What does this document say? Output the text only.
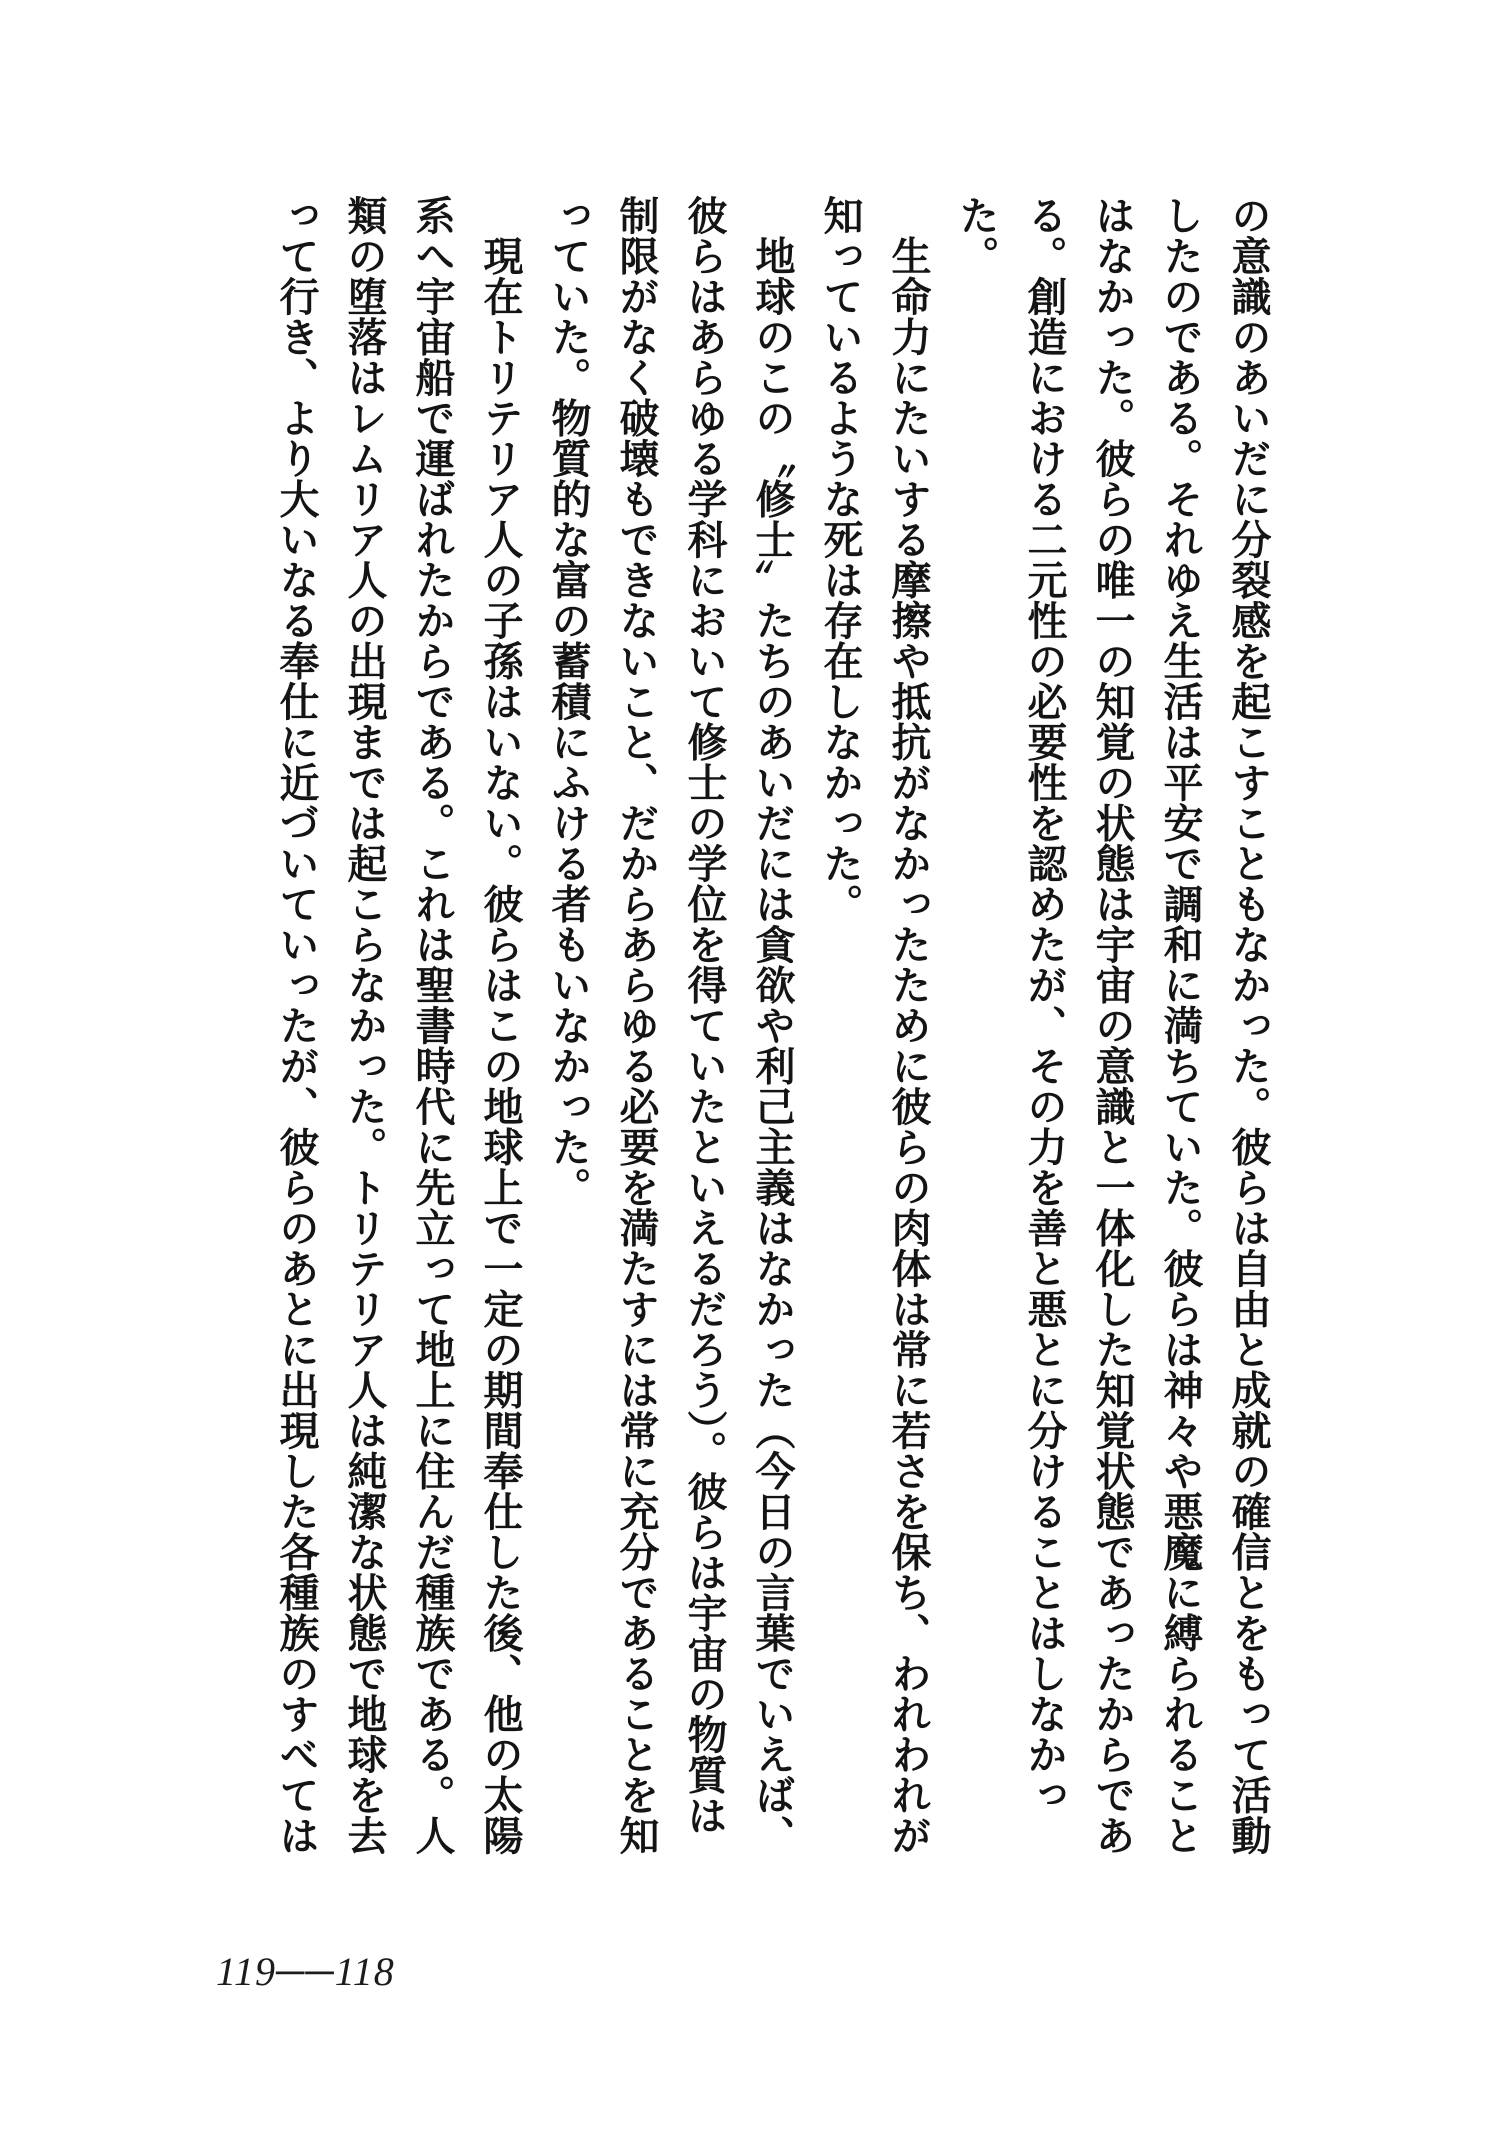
の意識のあいだに分裂感を起こすこともなかった。彼らは自由と成就の確信とをもって活動
したのである。それゆえ生活は平安で調和に満ちていた。彼らは神々や悪魔に縛られること
はなかった。彼らの唯一の知覚の状態は宇宙の意識と一体化した知覚状態であったからであ
る。創造における二元性の必要性を認めたが、その力を善と悪とに分けることはしなかっ
た。
　生命力にたいする摩擦や抵抗がなかったために彼らの肉体は常に若さを保ち、われわれが
知っているような死は存在しなかった。
　地球のこの〝修士〟たちのあいだには貪欲や利己主義はなかった（今日の言葉でいえば、
彼らはあらゆる学科において修士の学位を得ていたといえるだろう）。彼らは宇宙の物質は
制限がなく破壊もできないこと、だからあらゆる必要を満たすには常に充分であることを知
っていた。物質的な富の蓄積にふける者もいなかった。
　現在トリテリア人の子孫はいない。彼らはこの地球上で一定の期間奉仕した後、他の太陽
系へ宇宙船で運ばれたからである。これは聖書時代に先立って地上に住んだ種族である。人
類の堕落はレムリア人の出現までは起こらなかった。トリテリア人は純潔な状態で地球を去
って行き、より大いなる奉仕に近づいていったが、彼らのあとに出現した各種族のすべては
119──118
